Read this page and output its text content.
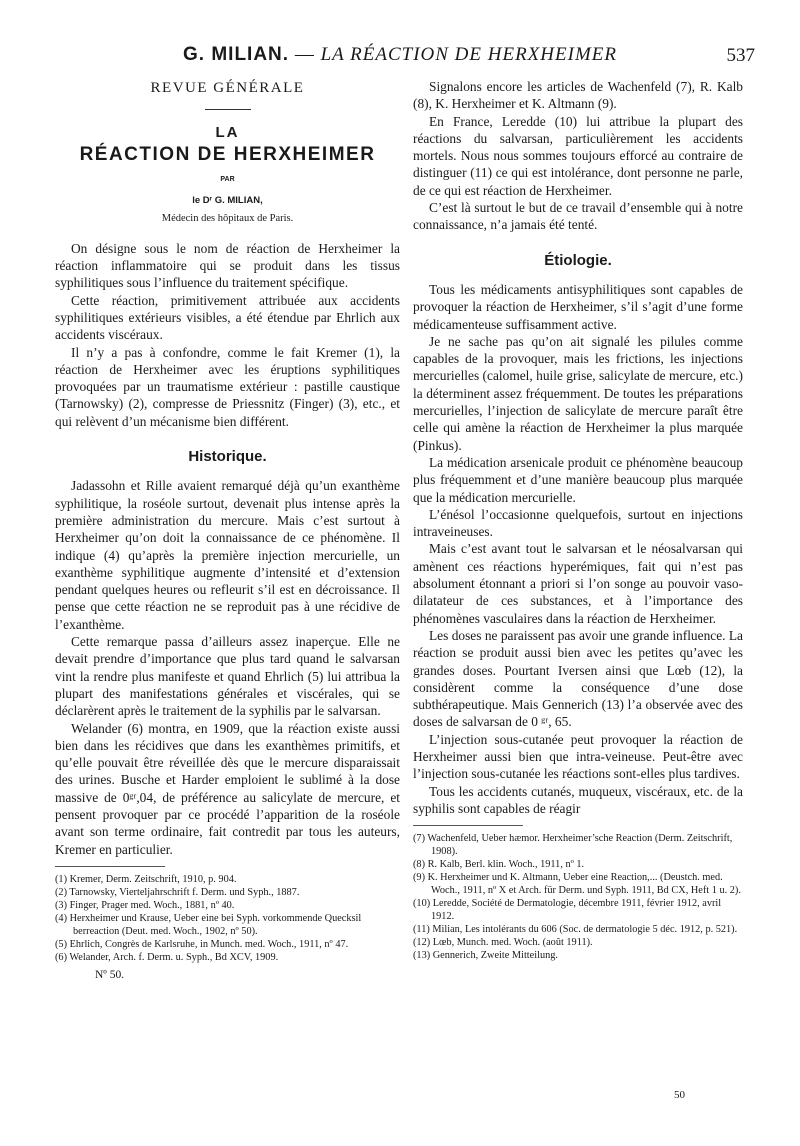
G. MILIAN. — LA RÉACTION DE HERXHEIMER	537

REVUE GÉNÉRALE

LA

RÉACTION DE HERXHEIMER

PAR

le Dʳ G. MILIAN,

Médecin des hôpitaux de Paris.

On désigne sous le nom de réaction de Herxheimer la réaction inflammatoire qui se produit dans les tissus syphilitiques sous l’influence du traitement spécifique.

Cette réaction, primitivement attribuée aux accidents syphilitiques extérieurs visibles, a été étendue par Ehrlich aux accidents viscéraux.

Il n’y a pas à confondre, comme le fait Kremer (1), la réaction de Herxheimer avec les éruptions syphilitiques provoquées par un traumatisme extérieur : pastille caustique (Tarnowsky) (2), compresse de Priessnitz (Finger) (3), etc., et qui relèvent d’un mécanisme bien différent.

Historique.

Jadassohn et Rille avaient remarqué déjà qu’un exanthème syphilitique, la roséole surtout, devenait plus intense après la première administration du mercure. Mais c’est surtout à Herxheimer qu’on doit la connaissance de ce phénomène. Il indique (4) qu’après la première injection mercurielle, un exanthème syphilitique augmente d’intensité et d’extension pendant quelques heures ou refleurit s’il est en décroissance. Il pense que cette réaction ne se reproduit pas à une récidive de l’exanthème.

Cette remarque passa d’ailleurs assez inaperçue. Elle ne devait prendre d’importance que plus tard quand le salvarsan vint la rendre plus manifeste et quand Ehrlich (5) lui attribua la plupart des manifestations générales et viscérales, qui se déclarèrent après le traitement de la syphilis par le salvarsan.

Welander (6) montra, en 1909, que la réaction existe aussi bien dans les récidives que dans les exanthèmes primitifs, et qu’elle pouvait être réveillée dès que le mercure disparaissait des urines. Busche et Harder emploient le sublimé à la dose massive de 0ᵍʳ,04, de préférence au salicylate de mercure, et pensent provoquer par ce procédé l’apparition de la roséole avant son terme ordinaire, fait contredit par tous les auteurs, Kremer en particulier.

(1) Kremer, Derm. Zeitschrift, 1910, p. 904.

(2) Tarnowsky, Vierteljahrschrift f. Derm. und Syph., 1887.

(3) Finger, Prager med. Woch., 1881, nº 40.

(4) Herxheimer und Krause, Ueber eine bei Syph. vorkommende Quecksil berreaction (Deut. med. Woch., 1902, nº 50).

(5) Ehrlich, Congrès de Karlsruhe, in Munch. med. Woch., 1911, nº 47.

(6) Welander, Arch. f. Derm. u. Syph., Bd XCV, 1909.

Nº 50.

Signalons encore les articles de Wachenfeld (7), R. Kalb (8), K. Herxheimer et K. Altmann (9).

En France, Leredde (10) lui attribue la plupart des réactions du salvarsan, particulièrement les accidents mortels. Nous nous sommes toujours efforcé au contraire de distinguer (11) ce qui est intolérance, dont personne ne parle, de ce qui est réaction de Herxheimer.

C’est là surtout le but de ce travail d’ensemble qui à notre connaissance, n’a jamais été tenté.

Étiologie.

Tous les médicaments antisyphilitiques sont capables de provoquer la réaction de Herxheimer, s’il s’agit d’une forme médicamenteuse suffisamment active.

Je ne sache pas qu’on ait signalé les pilules comme capables de la provoquer, mais les frictions, les injections mercurielles (calomel, huile grise, salicylate de mercure, etc.) la déterminent assez fréquemment. De toutes les préparations mercurielles, l’injection de salicylate de mercure paraît être celle qui amène la réaction de Herxheimer la plus marquée (Pinkus).

La médication arsenicale produit ce phénomène beaucoup plus fréquemment et d’une manière beaucoup plus marquée que la médication mercurielle.

L’énésol l’occasionne quelquefois, surtout en injections intraveineuses.

Mais c’est avant tout le salvarsan et le néosalvarsan qui amènent ces réactions hyperémiques, fait qui n’est pas absolument étonnant a priori si l’on songe au pouvoir vaso-dilatateur de ces substances, et à l’importance des phénomènes vasculaires dans la réaction de Herxheimer.

Les doses ne paraissent pas avoir une grande influence. La réaction se produit aussi bien avec les petites qu’avec les grandes doses. Pourtant Iversen ainsi que Lœb (12), la considèrent comme la conséquence d’une dose subthérapeutique. Mais Gennerich (13) l’a observée avec des doses de salvarsan de 0 ᵍʳ, 65.

L’injection sous-cutanée peut provoquer la réaction de Herxheimer aussi bien que intra-veineuse. Peut-être avec l’injection sous-cutanée les réactions sont-elles plus tardives.

Tous les accidents cutanés, muqueux, viscéraux, etc. de la syphilis sont capables de réagir

(7) Wachenfeld, Ueber hæmor. Herxheimer’sche Reaction (Derm. Zeitschrift, 1908).

(8) R. Kalb, Berl. klin. Woch., 1911, nº 1.

(9) K. Herxheimer und K. Altmann, Ueber eine Reaction,... (Deustch. med. Woch., 1911, nº X et Arch. für Derm. und Syph. 1911, Bd CX, Heft 1 u. 2).

(10) Leredde, Société de Dermatologie, décembre 1911, février 1912, avril 1912.

(11) Milian, Les intolérants du 606 (Soc. de dermatologie 5 déc. 1912, p. 521).

(12) Lœb, Munch. med. Woch. (août 1911).

(13) Gennerich, Zweite Mitteilung.

50
